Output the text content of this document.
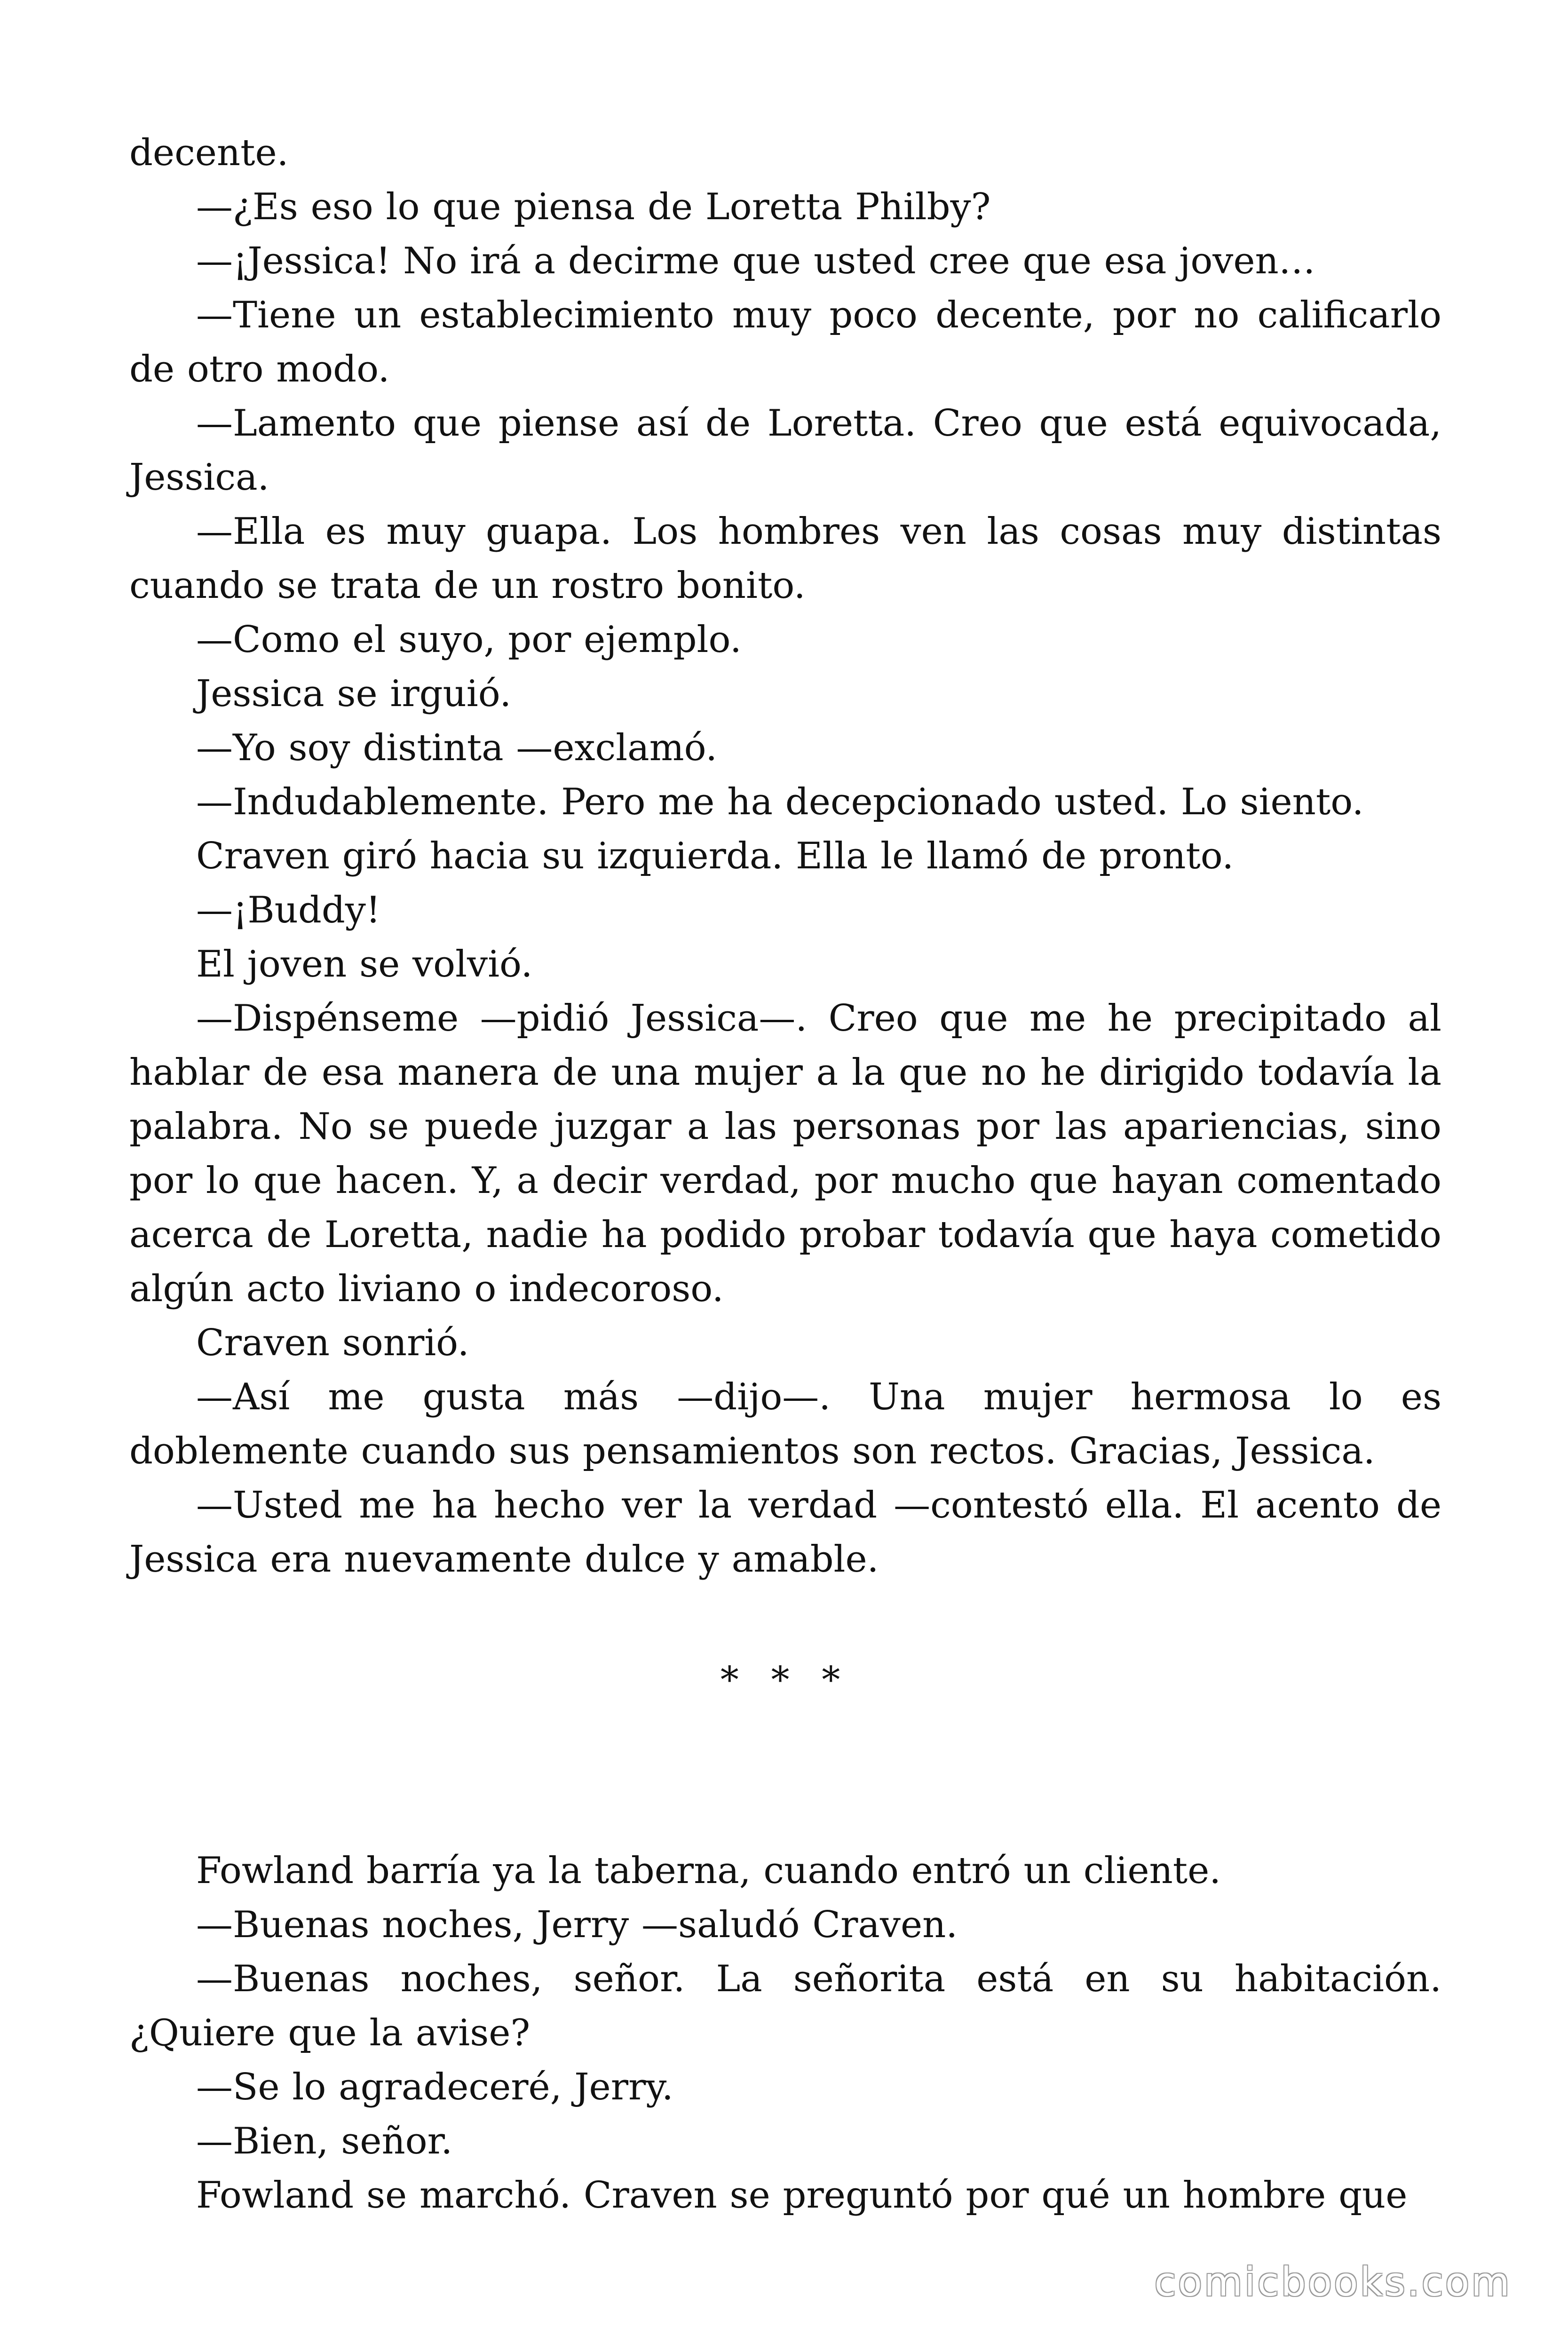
decente.

—¿Es eso lo que piensa de Loretta Philby?

—¡Jessica! No irá a decirme que usted cree que esa joven…

—Tiene un establecimiento muy poco decente, por no calificarlo de otro modo.

—Lamento que piense así de Loretta. Creo que está equivocada, Jessica.

—Ella es muy guapa. Los hombres ven las cosas muy distintas cuando se trata de un rostro bonito.

—Como el suyo, por ejemplo.

Jessica se irguió.

—Yo soy distinta —exclamó.

—Indudablemente. Pero me ha decepcionado usted. Lo siento.

Craven giró hacia su izquierda. Ella le llamó de pronto.

—¡Buddy!

El joven se volvió.

—Dispénseme —pidió Jessica—. Creo que me he precipitado al hablar de esa manera de una mujer a la que no he dirigido todavía la palabra. No se puede juzgar a las personas por las apariencias, sino por lo que hacen. Y, a decir verdad, por mucho que hayan comentado acerca de Loretta, nadie ha podido probar todavía que haya cometido algún acto liviano o indecoroso.

Craven sonrió.

—Así me gusta más —dijo—. Una mujer hermosa lo es doblemente cuando sus pensamientos son rectos. Gracias, Jessica.

—Usted me ha hecho ver la verdad —contestó ella. El acento de Jessica era nuevamente dulce y amable.

* * *

Fowland barría ya la taberna, cuando entró un cliente.

—Buenas noches, Jerry —saludó Craven.

—Buenas noches, señor. La señorita está en su habitación. ¿Quiere que la avise?

—Se lo agradeceré, Jerry.

—Bien, señor.

Fowland se marchó. Craven se preguntó por qué un hombre que

comicbooks.com
